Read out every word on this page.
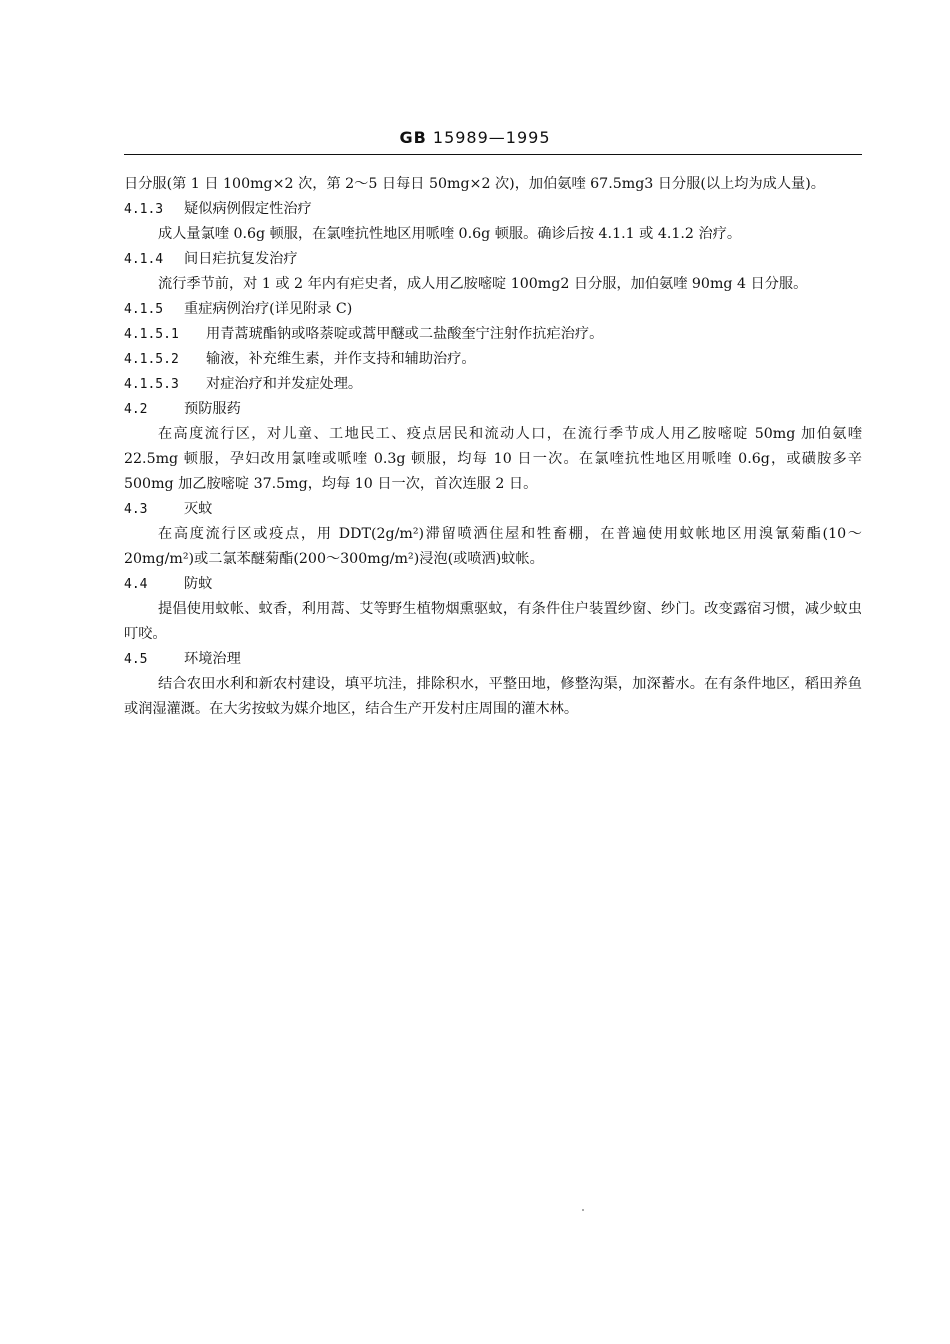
GB 15989—1995

日分服(第 1 日 100mg×2 次，第 2～5 日每日 50mg×2 次)，加伯氨喹 67.5mg3 日分服(以上均为成人量)。

4.1.3 疑似病例假定性治疗

成人量氯喹 0.6g 顿服，在氯喹抗性地区用哌喹 0.6g 顿服。确诊后按 4.1.1 或 4.1.2 治疗。

4.1.4 间日疟抗复发治疗

流行季节前，对 1 或 2 年内有疟史者，成人用乙胺嘧啶 100mg2 日分服，加伯氨喹 90mg 4 日分服。

4.1.5 重症病例治疗(详见附录 C)

4.1.5.1 用青蒿琥酯钠或咯萘啶或蒿甲醚或二盐酸奎宁注射作抗疟治疗。

4.1.5.2 输液，补充维生素，并作支持和辅助治疗。

4.1.5.3 对症治疗和并发症处理。

4.2	预防服药

在高度流行区，对儿童、工地民工、疫点居民和流动人口，在流行季节成人用乙胺嘧啶 50mg 加伯氨喹 22.5mg 顿服，孕妇改用氯喹或哌喹 0.3g 顿服，均每 10 日一次。在氯喹抗性地区用哌喹 0.6g，或磺胺多辛 500mg 加乙胺嘧啶 37.5mg，均每 10 日一次，首次连服 2 日。

4.3	灭蚊

在高度流行区或疫点，用 DDT(2g/m²)滞留喷洒住屋和牲畜棚，在普遍使用蚊帐地区用溴氰菊酯(10～20mg/m²)或二氯苯醚菊酯(200～300mg/m²)浸泡(或喷洒)蚊帐。

4.4	防蚊

提倡使用蚊帐、蚊香，利用蒿、艾等野生植物烟熏驱蚊，有条件住户装置纱窗、纱门。改变露宿习惯，减少蚊虫叮咬。

4.5	环境治理

结合农田水利和新农村建设，填平坑洼，排除积水，平整田地，修整沟渠，加深蓄水。在有条件地区，稻田养鱼或润湿灌溉。在大劣按蚊为媒介地区，结合生产开发村庄周围的灌木林。
